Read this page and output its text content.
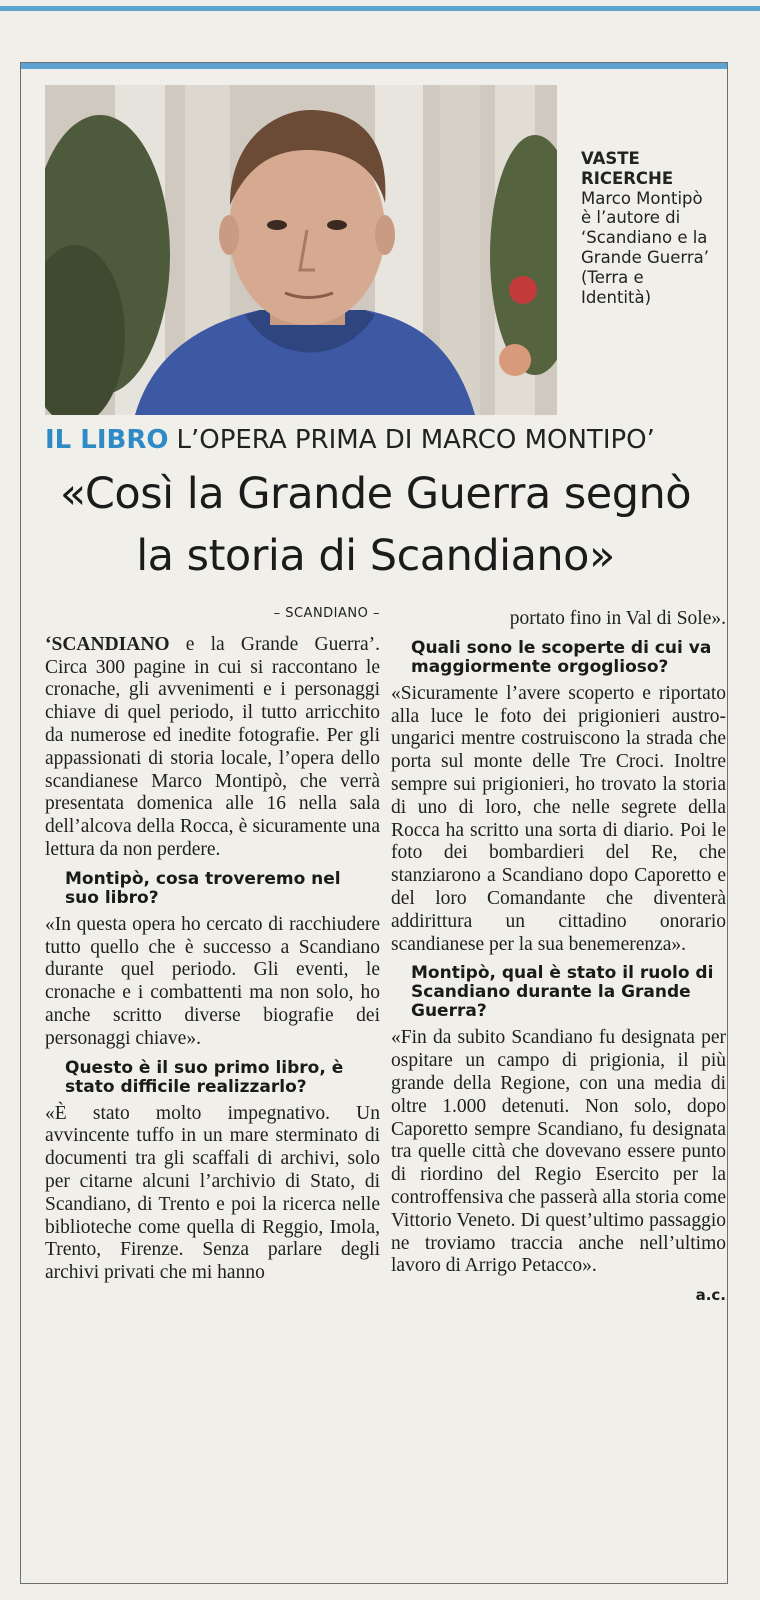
VASTE RICERCHE
Marco Montipò è l’autore di ‘Scandiano e la Grande Guerra’ (Terra e Identità)
IL LIBRO L’OPERA PRIMA DI MARCO MONTIPO’
«Così la Grande Guerra segnò la storia di Scandiano»
– SCANDIANO –

‘SCANDIANO e la Grande Guerra’. Circa 300 pagine in cui si raccontano le cronache, gli avvenimenti e i personaggi chiave di quel periodo, il tutto arricchito da numerose ed inedite fotografie. Per gli appassionati di storia locale, l’opera dello scandianese Marco Montipò, che verrà presentata domenica alle 16 nella sala dell’alcova della Rocca, è sicuramente una lettura da non perdere.

Montipò, cosa troveremo nel suo libro?

«In questa opera ho cercato di racchiudere tutto quello che è successo a Scandiano durante quel periodo. Gli eventi, le cronache e i combattenti ma non solo, ho anche scritto diverse biografie dei personaggi chiave».

Questo è il suo primo libro, è stato difficile realizzarlo?

«È stato molto impegnativo. Un avvincente tuffo in un mare sterminato di documenti tra gli scaffali di archivi, solo per citarne alcuni l’archivio di Stato, di Scandiano, di Trento e poi la ricerca nelle biblioteche come quella di Reggio, Imola, Trento, Firenze. Senza parlare degli archivi privati che mi hanno

portato fino in Val di Sole».

Quali sono le scoperte di cui va maggiormente orgoglioso?

«Sicuramente l’avere scoperto e riportato alla luce le foto dei prigionieri austro-ungarici mentre costruiscono la strada che porta sul monte delle Tre Croci. Inoltre sempre sui prigionieri, ho trovato la storia di uno di loro, che nelle segrete della Rocca ha scritto una sorta di diario. Poi le foto dei bombardieri del Re, che stanziarono a Scandiano dopo Caporetto e del loro Comandante che diventerà addirittura un cittadino onorario scandianese per la sua benemerenza».

Montipò, qual è stato il ruolo di Scandiano durante la Grande Guerra?

«Fin da subito Scandiano fu designata per ospitare un campo di prigionia, il più grande della Regione, con una media di oltre 1.000 detenuti. Non solo, dopo Caporetto sempre Scandiano, fu designata tra quelle città che dovevano essere punto di riordino del Regio Esercito per la controffensiva che passerà alla storia come Vittorio Veneto. Di quest’ultimo passaggio ne troviamo traccia anche nell’ultimo lavoro di Arrigo Petacco».

a.c.
